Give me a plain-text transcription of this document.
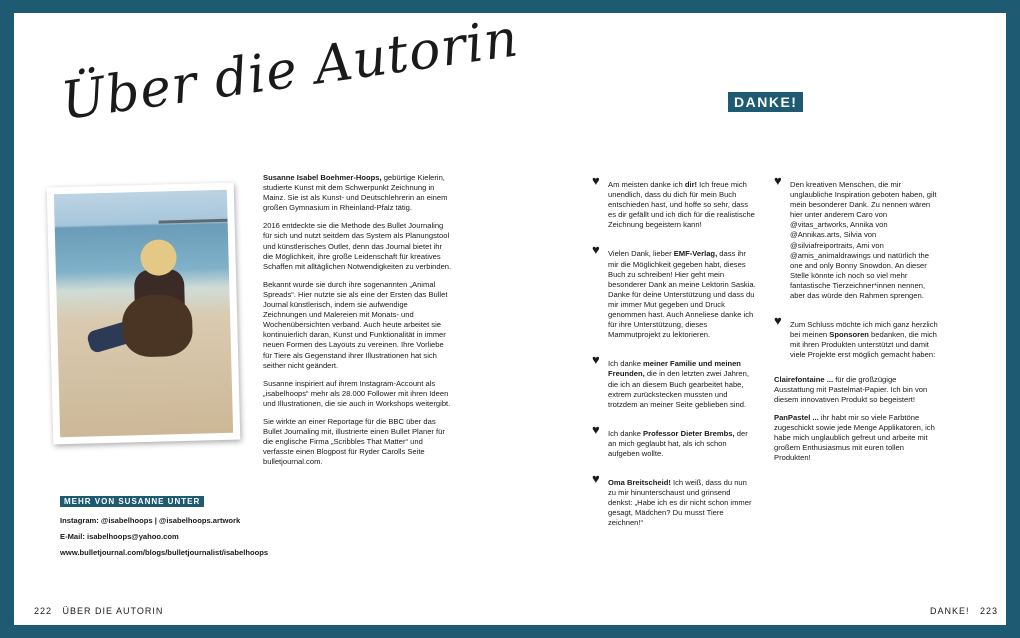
Über die Autorin

Susanne Isabel Boehmer-Hoops, gebürtige Kielerin, studierte Kunst mit dem Schwerpunkt Zeichnung in Mainz. Sie ist als Kunst- und Deutschlehrerin an einem großen Gymnasium in Rheinland-Pfalz tätig.

2016 entdeckte sie die Methode des Bullet Journaling für sich und nutzt seitdem das System als Planungstool und künstlerisches Outlet, denn das Journal bietet ihr die Möglichkeit, ihre große Leidenschaft für kreatives Schaffen mit alltäglichen Notwendigkeiten zu verbinden.

Bekannt wurde sie durch ihre sogenannten „Animal Spreads“. Hier nutzte sie als eine der Ersten das Bullet Journal künstlerisch, indem sie aufwendige Zeichnungen und Malereien mit Monats- und Wochenübersichten verband. Auch heute arbeitet sie kontinuierlich daran, Kunst und Funktionalität in immer neuen Formen des Layouts zu vereinen. Ihre Vorliebe für Tiere als Gegenstand ihrer Illustrationen hat sich seither nicht geändert.

Susanne inspiriert auf ihrem Instagram-Account als „isabelhoops“ mehr als 28.000 Follower mit ihren Ideen und Illustrationen, die sie auch in Workshops weitergibt.

Sie wirkte an einer Reportage für die BBC über das Bullet Journaling mit, illustrierte einen Bullet Planer für die englische Firma „Scribbles That Matter“ und verfasste einen Blogpost für Ryder Carolls Seite bulletjournal.com.

MEHR VON SUSANNE UNTER
Instagram: @isabelhoops | @isabelhoops.artwork
E-Mail: isabelhoops@yahoo.com
www.bulletjournal.com/blogs/bulletjournalist/isabelhoops
DANKE!
♥	Am meisten danke ich dir! Ich freue mich unendlich, dass du dich für mein Buch entschieden hast, und hoffe so sehr, dass es dir gefällt und ich dich für die realistische Zeichnung begeistern kann!
♥	Vielen Dank, lieber EMF-Verlag, dass ihr mir die Möglichkeit gegeben habt, dieses Buch zu schreiben! Hier geht mein besonderer Dank an meine Lektorin Saskia. Danke für deine Unterstützung und dass du mir immer Mut gegeben und Druck genommen hast. Auch Anneliese danke ich für ihre Unterstützung, dieses Mammutprojekt zu lektorieren.
♥	Ich danke meiner Familie und meinen Freunden, die in den letzten zwei Jahren, die ich an diesem Buch gearbeitet habe, extrem zurückstecken mussten und trotzdem an meiner Seite geblieben sind.
♥	Ich danke Professor Dieter Brembs, der an mich geglaubt hat, als ich schon aufgeben wollte.
♥	Oma Breitscheid! Ich weiß, dass du nun zu mir hinunterschaust und grinsend denkst: „Habe ich es dir nicht schon immer gesagt, Mädchen? Du musst Tiere zeichnen!“
♥	Den kreativen Menschen, die mir unglaubliche Inspiration geboten haben, gilt mein besonderer Dank. Zu nennen wären hier unter anderem Caro von @vitas_artworks, Annika von @Annikas.arts, Silvia von @silviafreiportraits, Ami von @amis_animaldrawings und natürlich the one and only Bonny Snowdon. An dieser Stelle könnte ich noch so viel mehr fantastische Tierzeichner*innen nennen, aber das würde den Rahmen sprengen.
♥	Zum Schluss möchte ich mich ganz herzlich bei meinen Sponsoren bedanken, die mich mit ihren Produkten unterstützt und damit viele Projekte erst möglich gemacht haben:
Clairefontaine ... für die großzügige Ausstattung mit Pastelmat-Papier. Ich bin von diesem innovativen Produkt so begeistert!
PanPastel ... ihr habt mir so viele Farbtöne zugeschickt sowie jede Menge Applikatoren, ich habe mich unglaublich gefreut und arbeite mit großem Enthusiasmus mit euren tollen Produkten!
222 ÜBER DIE AUTORIN	DANKE! 223
